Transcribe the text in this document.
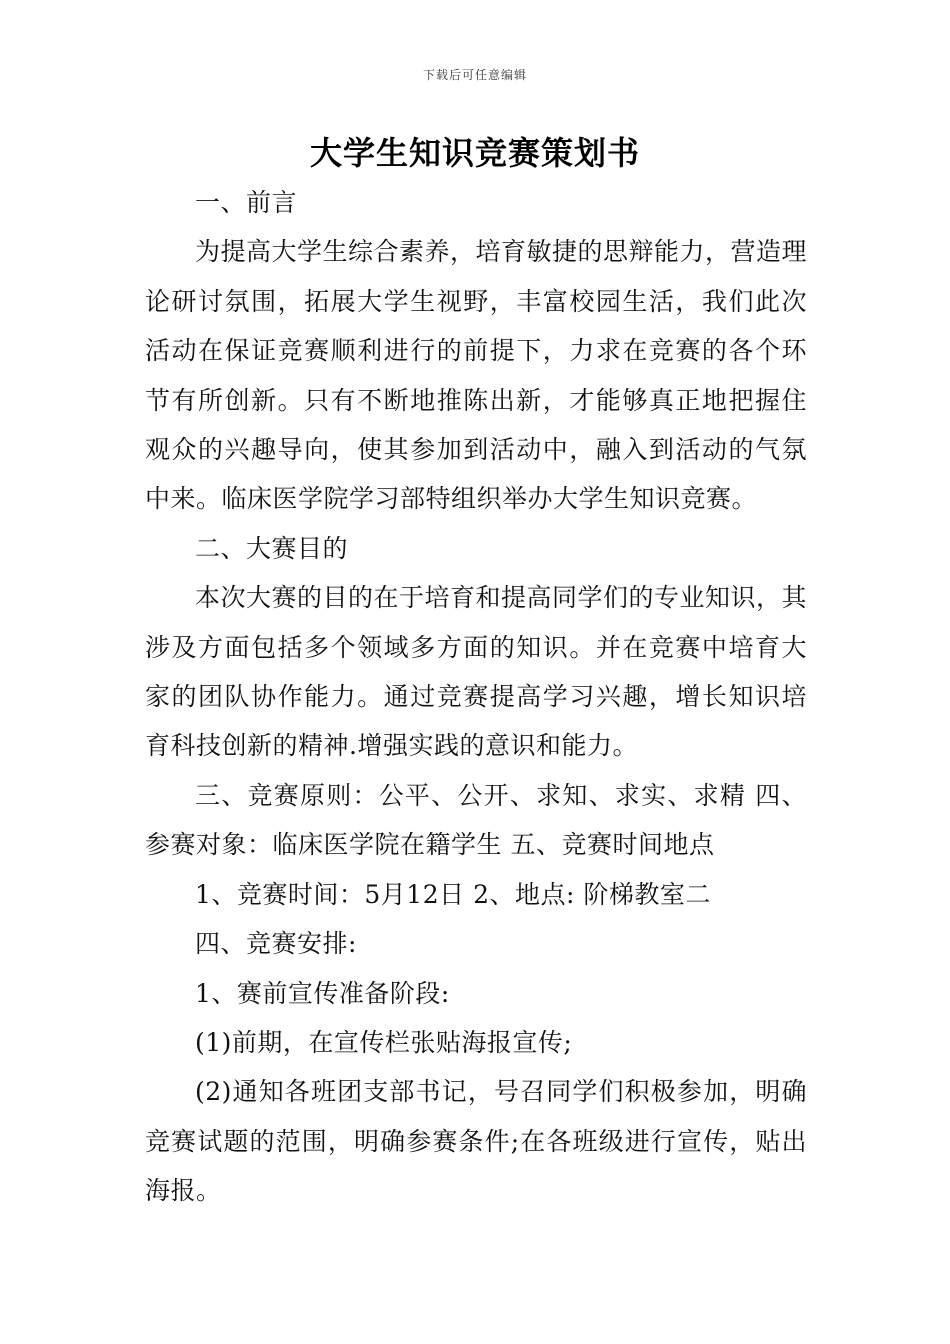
下载后可任意编辑
大学生知识竞赛策划书

一、前言

为提高大学生综合素养，培育敏捷的思辩能力，营造理论研讨氛围，拓展大学生视野，丰富校园生活，我们此次活动在保证竞赛顺利进行的前提下，力求在竞赛的各个环节有所创新。只有不断地推陈出新，才能够真正地把握住观众的兴趣导向，使其参加到活动中，融入到活动的气氛中来。临床医学院学习部特组织举办大学生知识竞赛。

二、大赛目的

本次大赛的目的在于培育和提高同学们的专业知识，其涉及方面包括多个领域多方面的知识。并在竞赛中培育大家的团队协作能力。通过竞赛提高学习兴趣，增长知识培育科技创新的精神.增强实践的意识和能力。

三、竞赛原则：公平、公开、求知、求实、求精 四、参赛对象：临床医学院在籍学生 五、竞赛时间地点

1、竞赛时间：5月12日 2、地点: 阶梯教室二

四、竞赛安排:

1、赛前宣传准备阶段:

(1)前期，在宣传栏张贴海报宣传;

(2)通知各班团支部书记，号召同学们积极参加，明确竞赛试题的范围，明确参赛条件;在各班级进行宣传，贴出海报。
